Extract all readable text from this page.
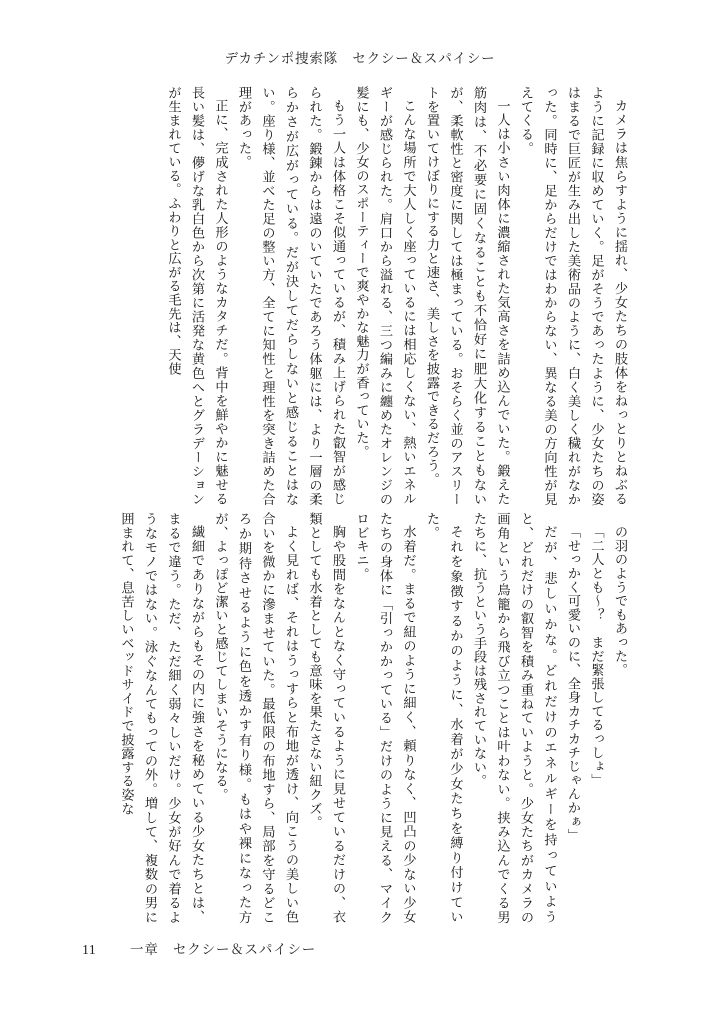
デカチンポ捜索隊　セクシー＆スパイシー

カメラは焦らすように揺れ、少女たちの肢体をねっとりとねぶるように記録に収めていく。足がそうであったように、少女たちの姿はまるで巨匠が生み出した美術品のように、白く美しく穢れがなかった。同時に、足からだけではわからない、異なる美の方向性が見えてくる。

一人は小さい肉体に濃縮された気高さを詰め込んでいた。鍛えた筋肉は、不必要に固くなることも不恰好に肥大化することもないが、柔軟性と密度に関しては極まっている。おそらく並のアスリートを置いてけぼりにする力と速さ、美しさを披露できるだろう。

こんな場所で大人しく座っているには相応しくない、熱いエネルギーが感じられた。肩口から溢れる、三つ編みに纏めたオレンジの髪にも、少女のスポーティーで爽やかな魅力が香っていた。

もう一人は体格こそ似通っているが、積み上げられた叡智が感じられた。鍛錬からは遠のいていたであろう体躯には、より一層の柔らかさが広がっている。だが決してだらしないと感じることはない。座り様、並べた足の整い方、全てに知性と理性を突き詰めた合理があった。

正に、完成された人形のようなカタチだ。背中を鮮やかに魅せる長い髪は、儚げな乳白色から次第に活発な黄色へとグラデーションが生まれている。ふわりと広がる毛先は、天使

の羽のようでもあった。

「二人とも～？　まだ緊張してるっしょ」

「せっかく可愛いのに、全身カチカチじゃんかぁ」

だが、悲しいかな。どれだけのエネルギーを持っていよう と、どれだけの叡智を積み重ねていようと。少女たちがカメラの画角という鳥籠から飛び立つことは叶わない。挟み込んでくる男たちに、抗うという手段は残されていない。

それを象徴するかのように、水着が少女たちを縛り付けていた。

水着だ。まるで紐のように細く、頼りなく、凹凸の少ない少女たちの身体に「引っかかっている」だけのように見える、マイクロビキニ。

胸や股間をなんとなく守っているように見せているだけの、衣類としても水着としても意味を果たさない紐クズ。

よく見れば、それはうっすらと布地が透け、向こうの美しい色合いを微かに滲ませていた。最低限の布地すら、局部を守るどころか期待させるように色を透かす有り様。もはや裸になった方が、よっぽど潔いと感じてしまいそうになる。

繊細でありながらもその内に強さを秘めている少女たちとは、まるで違う。ただ、ただ細く弱々しいだけ。少女が好んで着るようなモノではない。泳ぐなんてもっての外。増して、複数の男に囲まれて、息苦しいベッドサイドで披露する姿な

11	一章　セクシー＆スパイシー
